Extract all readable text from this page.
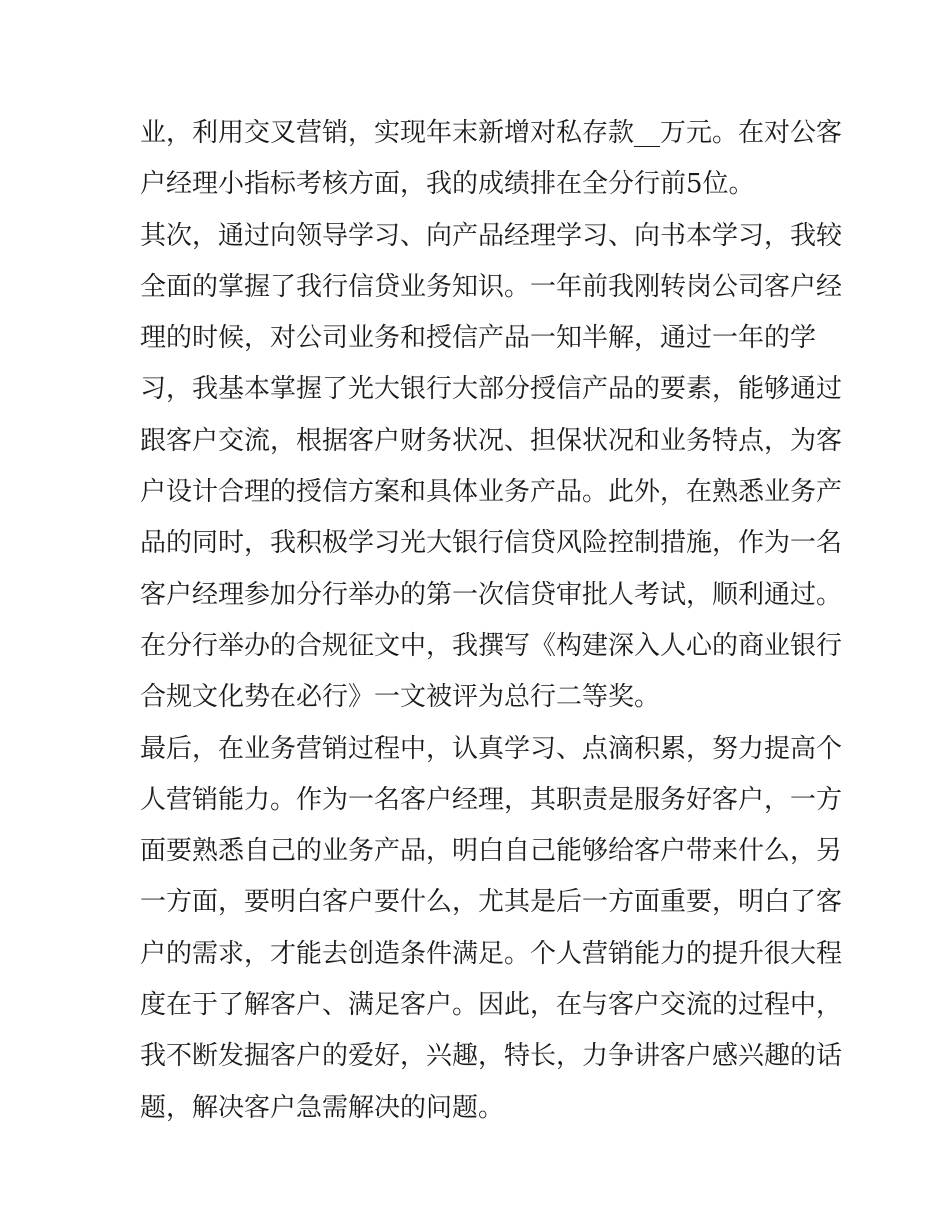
业，利用交叉营销，实现年末新增对私存款__万元。在对公客
户经理小指标考核方面，我的成绩排在全分行前5位。
其次，通过向领导学习、向产品经理学习、向书本学习，我较
全面的掌握了我行信贷业务知识。一年前我刚转岗公司客户经
理的时候，对公司业务和授信产品一知半解，通过一年的学
习，我基本掌握了光大银行大部分授信产品的要素，能够通过
跟客户交流，根据客户财务状况、担保状况和业务特点，为客
户设计合理的授信方案和具体业务产品。此外，在熟悉业务产
品的同时，我积极学习光大银行信贷风险控制措施，作为一名
客户经理参加分行举办的第一次信贷审批人考试，顺利通过。
在分行举办的合规征文中，我撰写《构建深入人心的商业银行
合规文化势在必行》一文被评为总行二等奖。
最后，在业务营销过程中，认真学习、点滴积累，努力提高个
人营销能力。作为一名客户经理，其职责是服务好客户，一方
面要熟悉自己的业务产品，明白自己能够给客户带来什么，另
一方面，要明白客户要什么，尤其是后一方面重要，明白了客
户的需求，才能去创造条件满足。个人营销能力的提升很大程
度在于了解客户、满足客户。因此，在与客户交流的过程中，
我不断发掘客户的爱好，兴趣，特长，力争讲客户感兴趣的话
题，解决客户急需解决的问题。
